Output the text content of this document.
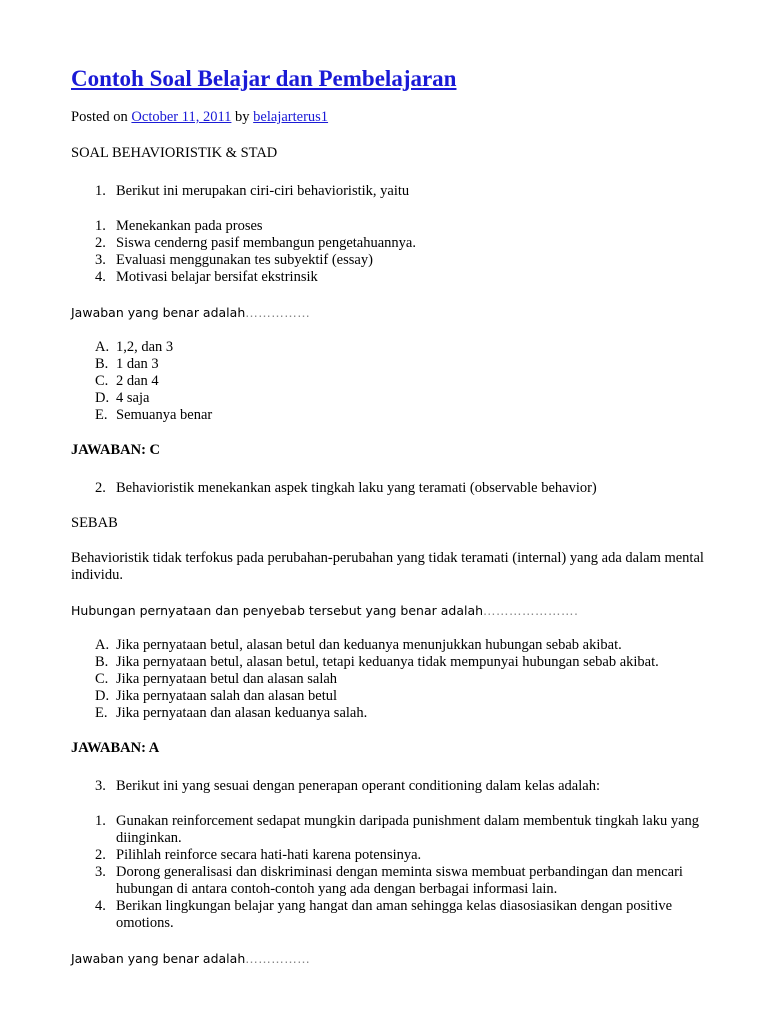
Contoh Soal Belajar dan Pembelajaran
Posted on October 11, 2011 by belajarterus1
SOAL BEHAVIORISTIK & STAD
1. Berikut ini merupakan ciri-ciri behavioristik, yaitu
1. Menekankan pada proses
2. Siswa cenderng pasif membangun pengetahuannya.
3. Evaluasi menggunakan tes subyektif (essay)
4. Motivasi belajar bersifat ekstrinsik
Jawaban yang benar adalah……………
A. 1,2, dan 3
B. 1 dan 3
C. 2 dan 4
D. 4 saja
E. Semuanya benar
JAWABAN: C
2. Behavioristik menekankan aspek tingkah laku yang teramati (observable behavior)
SEBAB
Behavioristik tidak terfokus pada perubahan-perubahan yang tidak teramati (internal) yang ada dalam mental individu.
Hubungan pernyataan dan penyebab tersebut yang benar adalah………………….
A. Jika pernyataan betul, alasan betul dan keduanya menunjukkan hubungan sebab akibat.
B. Jika pernyataan betul, alasan betul, tetapi keduanya tidak mempunyai hubungan sebab akibat.
C. Jika pernyataan betul dan alasan salah
D. Jika pernyataan salah dan alasan betul
E. Jika pernyataan dan alasan keduanya salah.
JAWABAN: A
3. Berikut ini yang sesuai dengan penerapan operant conditioning dalam kelas adalah:
1. Gunakan reinforcement sedapat mungkin daripada punishment dalam membentuk tingkah laku yang diinginkan.
2. Pilihlah reinforce secara hati-hati karena potensinya.
3. Dorong generalisasi dan diskriminasi dengan meminta siswa membuat perbandingan dan mencari hubungan di antara contoh-contoh yang ada dengan berbagai informasi lain.
4. Berikan lingkungan belajar yang hangat dan aman sehingga kelas diasosiasikan dengan positive omotions.
Jawaban yang benar adalah……………
